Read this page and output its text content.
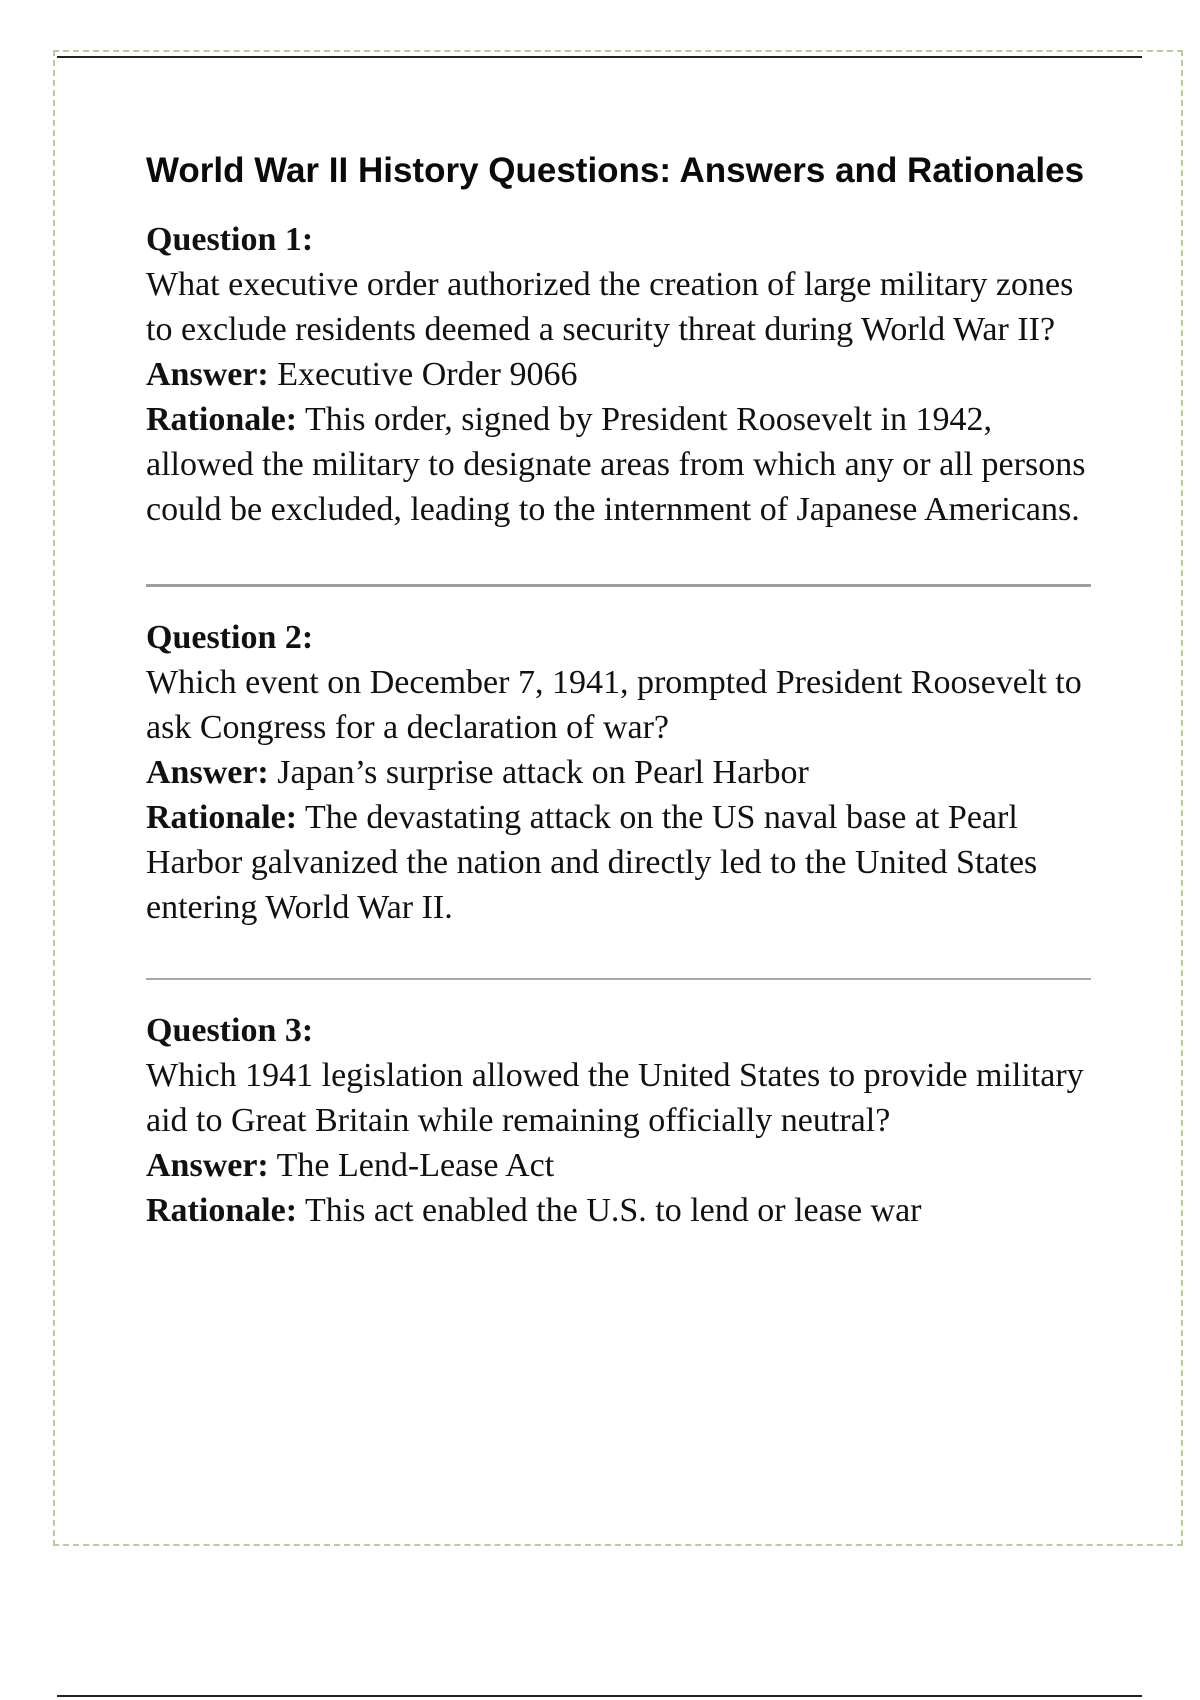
World War II History Questions: Answers and Rationales

Question 1:

What executive order authorized the creation of large military zones to exclude residents deemed a security threat during World War II?

Answer: Executive Order 9066

Rationale: This order, signed by President Roosevelt in 1942, allowed the military to designate areas from which any or all persons could be excluded, leading to the internment of Japanese Americans.

Question 2:

Which event on December 7, 1941, prompted President Roosevelt to ask Congress for a declaration of war?

Answer: Japan’s surprise attack on Pearl Harbor

Rationale: The devastating attack on the US naval base at Pearl Harbor galvanized the nation and directly led to the United States entering World War II.

Question 3:

Which 1941 legislation allowed the United States to provide military aid to Great Britain while remaining officially neutral?

Answer: The Lend-Lease Act

Rationale: This act enabled the U.S. to lend or lease war
